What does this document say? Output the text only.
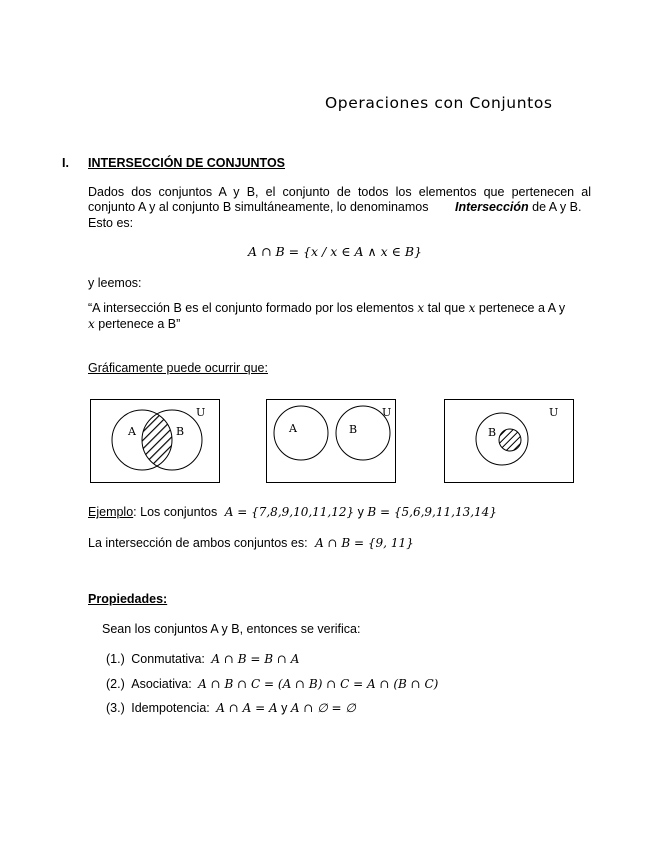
Operaciones con Conjuntos
I. INTERSECCIÓN DE CONJUNTOS
Dados dos conjuntos A y B, el conjunto de todos los elementos que pertenecen al
conjunto A y al conjunto B simultáneamente, lo denominamos Intersección de A y B.
Esto es:
A ∩ B = {x / x ∈ A ∧ x ∈ B}
y leemos:
“A intersección B es el conjunto formado por los elementos x tal que x pertenece a A y
x pertenece a B”
Gráficamente puede ocurrir que:
A	B
U
A	B
U
B
U
Ejemplo: Los conjuntos A = {7,8,9,10,11,12} y B = {5,6,9,11,13,14}
La intersección de ambos conjuntos es: A ∩ B = {9, 11}
Propiedades:
Sean los conjuntos A y B, entonces se verifica:
(1.) Conmutativa: A ∩ B = B ∩ A
(2.) Asociativa: A ∩ B ∩ C = (A ∩ B) ∩ C = A ∩ (B ∩ C)
(3.) Idempotencia: A ∩ A = A y A ∩ ∅ = ∅
